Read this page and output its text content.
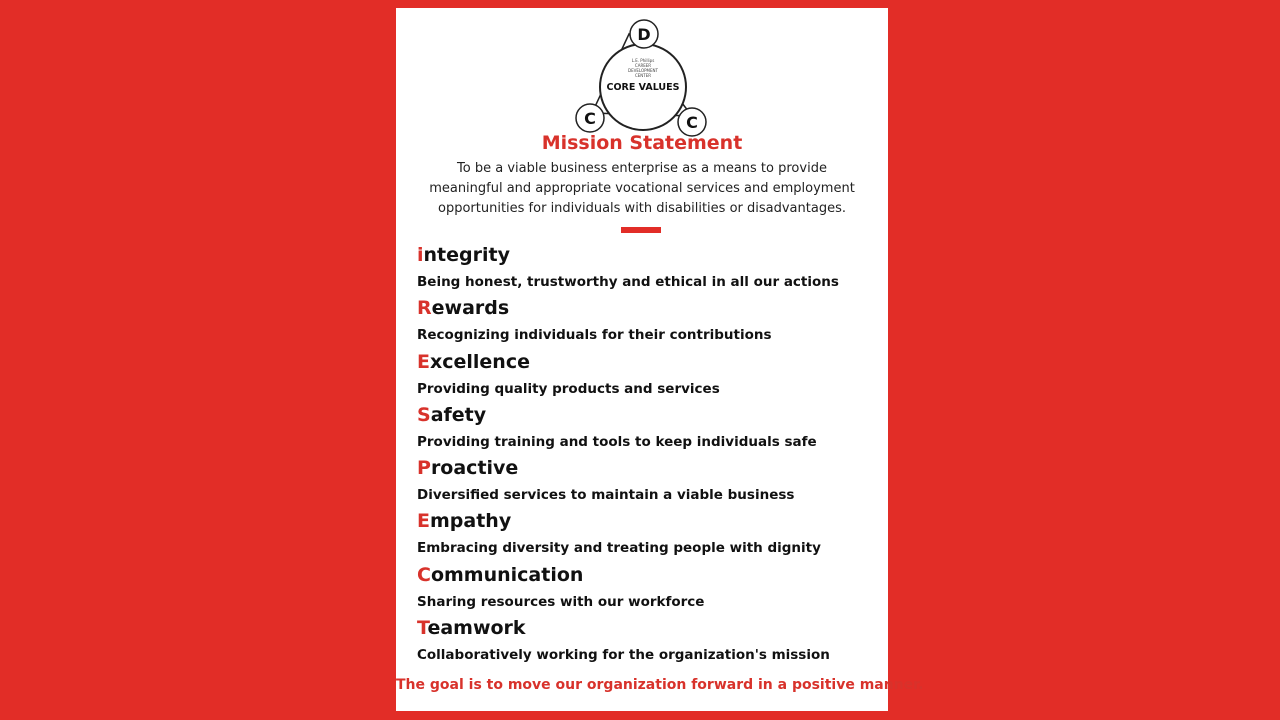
D
C	C
L.E. Phillips
CAREER
DEVELOPMENT
CENTER
CORE VALUES
Mission Statement
To be a viable business enterprise as a means to provide
meaningful and appropriate vocational services and employment
opportunities for individuals with disabilities or disadvantages.
integrity
Being honest, trustworthy and ethical in all our actions
Rewards
Recognizing individuals for their contributions
Excellence
Providing quality products and services
Safety
Providing training and tools to keep individuals safe
Proactive
Diversified services to maintain a viable business
Empathy
Embracing diversity and treating people with dignity
Communication
Sharing resources with our workforce
Teamwork
Collaboratively working for the organization's mission
The goal is to move our organization forward in a positive manner.
